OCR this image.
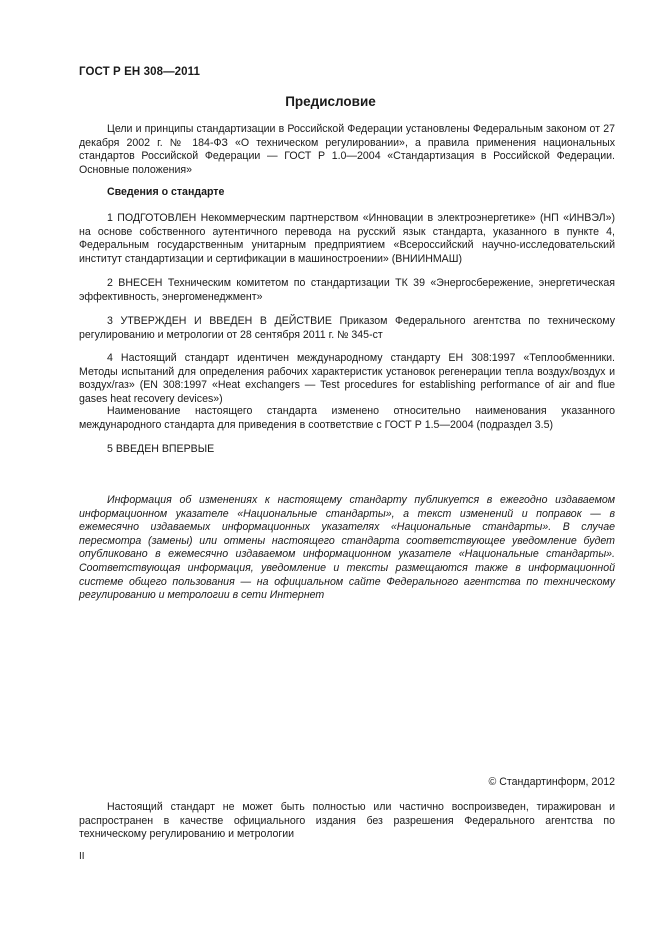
ГОСТ Р ЕН 308—2011
Предисловие

Цели и принципы стандартизации в Российской Федерации установлены Федеральным законом от 27 декабря 2002 г. № 184-ФЗ «О техническом регулировании», а правила применения национальных стандартов Российской Федерации — ГОСТ Р 1.0—2004 «Стандартизация в Российской Федерации. Основные положения»

Сведения о стандарте

1 ПОДГОТОВЛЕН Некоммерческим партнерством «Инновации в электроэнергетике» (НП «ИНВЭЛ») на основе собственного аутентичного перевода на русский язык стандарта, указанного в пункте 4, Федеральным государственным унитарным предприятием «Всероссийский научно-исследовательский институт стандартизации и сертификации в машиностроении» (ВНИИНМАШ)

2 ВНЕСЕН Техническим комитетом по стандартизации ТК 39 «Энергосбережение, энергетическая эффективность, энергоменеджмент»

3 УТВЕРЖДЕН И ВВЕДЕН В ДЕЙСТВИЕ Приказом Федерального агентства по техническому регулированию и метрологии от 28 сентября 2011 г. № 345-ст

4 Настоящий стандарт идентичен международному стандарту ЕН 308:1997 «Теплообменники. Методы испытаний для определения рабочих характеристик установок регенерации тепла воздух/воздух и воздух/газ» (EN 308:1997 «Heat exchangers — Test procedures for establishing performance of air and flue gases heat recovery devices»)

Наименование настоящего стандарта изменено относительно наименования указанного международного стандарта для приведения в соответствие с ГОСТ Р 1.5—2004 (подраздел 3.5)

5 ВВЕДЕН ВПЕРВЫЕ

Информация об изменениях к настоящему стандарту публикуется в ежегодно издаваемом информационном указателе «Национальные стандарты», а текст изменений и поправок — в ежемесячно издаваемых информационных указателях «Национальные стандарты». В случае пересмотра (замены) или отмены настоящего стандарта соответствующее уведомление будет опубликовано в ежемесячно издаваемом информационном указателе «Национальные стандарты». Соответствующая информация, уведомление и тексты размещаются также в информационной системе общего пользования — на официальном сайте Федерального агентства по техническому регулированию и метрологии в сети Интернет

© Стандартинформ, 2012

Настоящий стандарт не может быть полностью или частично воспроизведен, тиражирован и распространен в качестве официального издания без разрешения Федерального агентства по техническому регулированию и метрологии

II
